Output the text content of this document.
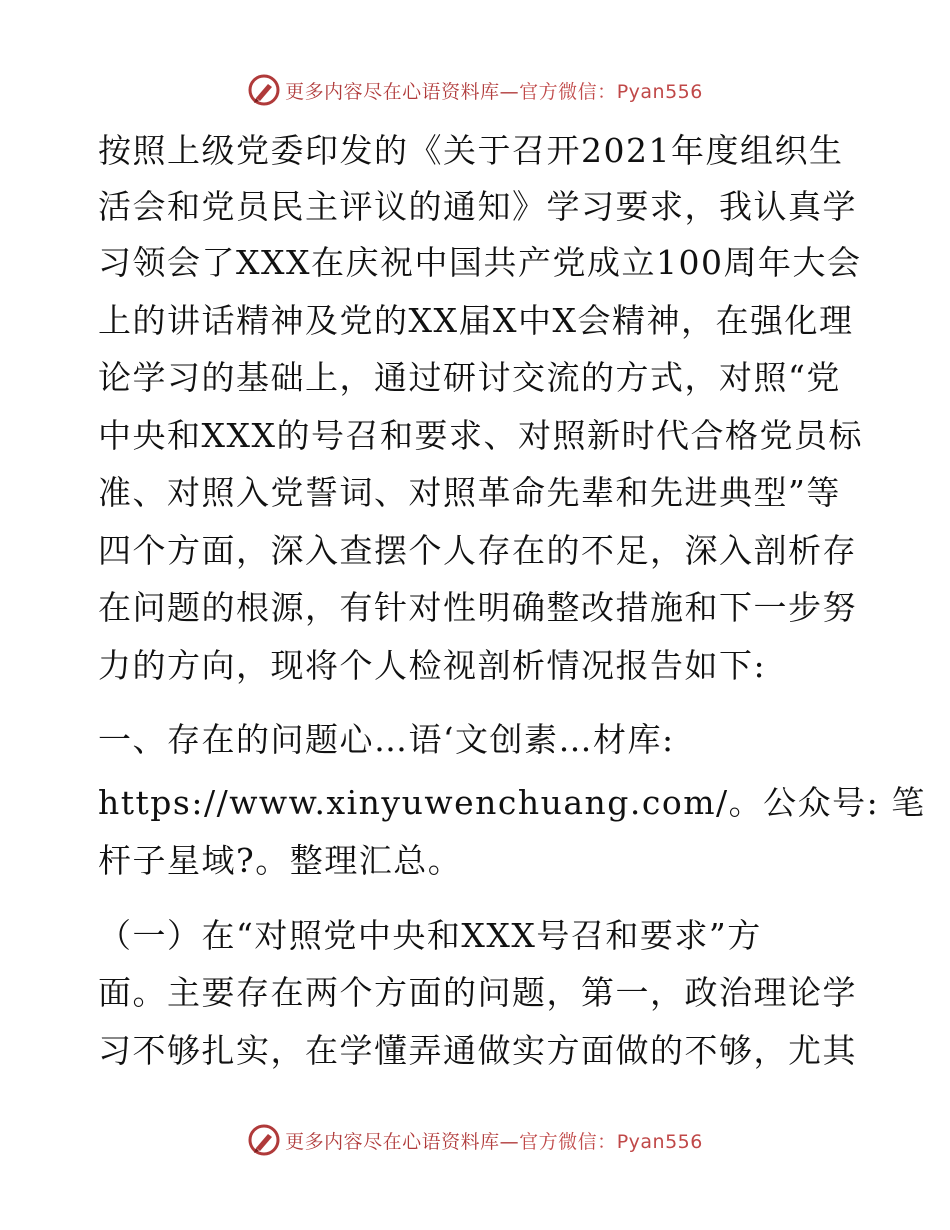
更多内容尽在心语资料库—官方微信：Pyan556
按照上级党委印发的《关于召开2021年度组织生
活会和党员民主评议的通知》学习要求，我认真学
习领会了XXX在庆祝中国共产党成立100周年大会
上的讲话精神及党的XX届X中X会精神，在强化理
论学习的基础上，通过研讨交流的方式，对照“党
中央和XXX的号召和要求、对照新时代合格党员标
准、对照入党誓词、对照革命先辈和先进典型”等
四个方面，深入查摆个人存在的不足，深入剖析存
在问题的根源，有针对性明确整改措施和下一步努
力的方向，现将个人检视剖析情况报告如下:
一、存在的问题心…语‘文创素…材库:
https://www.xinyuwenchuang.com/。公众号: 笔
杆子星域?。整理汇总。
（一）在“对照党中央和XXX号召和要求”方
面。主要存在两个方面的问题，第一，政治理论学
习不够扎实，在学懂弄通做实方面做的不够，尤其
更多内容尽在心语资料库—官方微信：Pyan556
